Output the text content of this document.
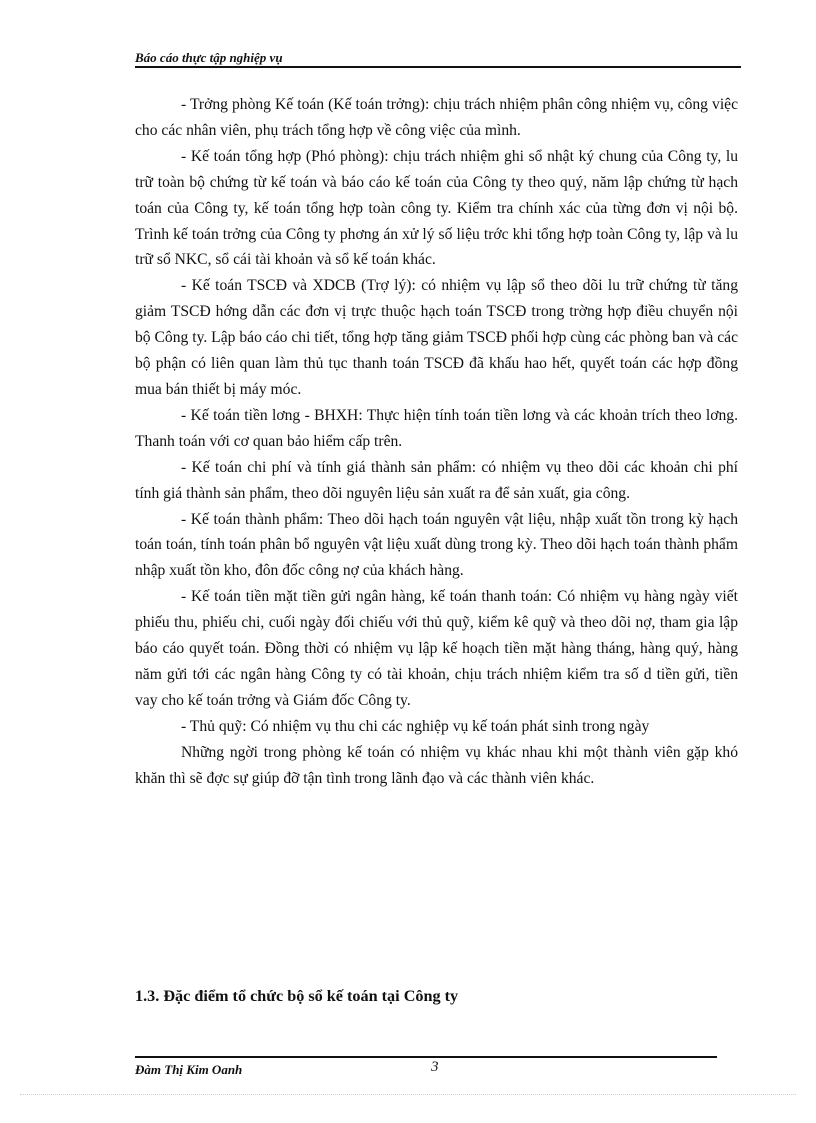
Báo cáo thực tập nghiệp vụ

- Trởng phòng Kế toán (Kế toán trởng): chịu trách nhiệm phân công nhiệm vụ, công việc cho các nhân viên, phụ trách tổng hợp về công việc của mình.

- Kế toán tổng hợp (Phó phòng): chịu trách nhiệm ghi sổ nhật ký chung của Công ty, lu trữ toàn bộ chứng từ kế toán và báo cáo kế toán của Công ty theo quý, năm lập chứng từ hạch toán của Công ty, kế toán tổng hợp toàn công ty. Kiểm tra chính xác của từng đơn vị nội bộ. Trình kế toán trởng của Công ty phơng án xử lý số liệu trớc khi tổng hợp toàn Công ty, lập và lu trữ sổ NKC, sổ cái tài khoản và sổ kế toán khác.

- Kế toán TSCĐ và XDCB (Trợ lý): có nhiệm vụ lập sổ theo dõi lu trữ chứng từ tăng giảm TSCĐ hớng dẫn các đơn vị trực thuộc hạch toán TSCĐ trong trờng hợp điều chuyển nội bộ Công ty. Lập báo cáo chi tiết, tổng hợp tăng giảm TSCĐ phối hợp cùng các phòng ban và các bộ phận có liên quan làm thủ tục thanh toán TSCĐ đã khấu hao hết, quyết toán các hợp đồng mua bán thiết bị máy móc.

- Kế toán tiền lơng - BHXH: Thực hiện tính toán tiền lơng và các khoản trích theo lơng. Thanh toán với cơ quan bảo hiểm cấp trên.

- Kế toán chi phí và tính giá thành sản phẩm: có nhiệm vụ theo dõi các khoản chi phí tính giá thành sản phẩm, theo dõi nguyên liệu sản xuất ra để sản xuất, gia công.

- Kế toán thành phẩm: Theo dõi hạch toán nguyên vật liệu, nhập xuất tồn trong kỳ hạch toán toán, tính toán phân bổ nguyên vật liệu xuất dùng trong kỳ. Theo dõi hạch toán thành phẩm nhập xuất tồn kho, đôn đốc công nợ của khách hàng.

- Kế toán tiền mặt tiền gửi ngân hàng, kế toán thanh toán: Có nhiệm vụ hàng ngày viết phiếu thu, phiếu chi, cuối ngày đối chiếu với thủ quỹ, kiểm kê quỹ và theo dõi nợ, tham gia lập báo cáo quyết toán. Đồng thời có nhiệm vụ lập kế hoạch tiền mặt hàng tháng, hàng quý, hàng năm gửi tới các ngân hàng Công ty có tài khoản, chịu trách nhiệm kiểm tra số d tiền gửi, tiền vay cho kế toán trởng và Giám đốc Công ty.

- Thủ quỹ: Có nhiệm vụ thu chi các nghiệp vụ kế toán phát sinh trong ngày

Những ngời trong phòng kế toán có nhiệm vụ khác nhau khi một thành viên gặp khó khăn thì sẽ đợc sự giúp đỡ tận tình trong lãnh đạo và các thành viên khác.

1.3. Đặc điểm tổ chức bộ sổ kế toán tại Công ty
Đàm Thị Kim Oanh	3
